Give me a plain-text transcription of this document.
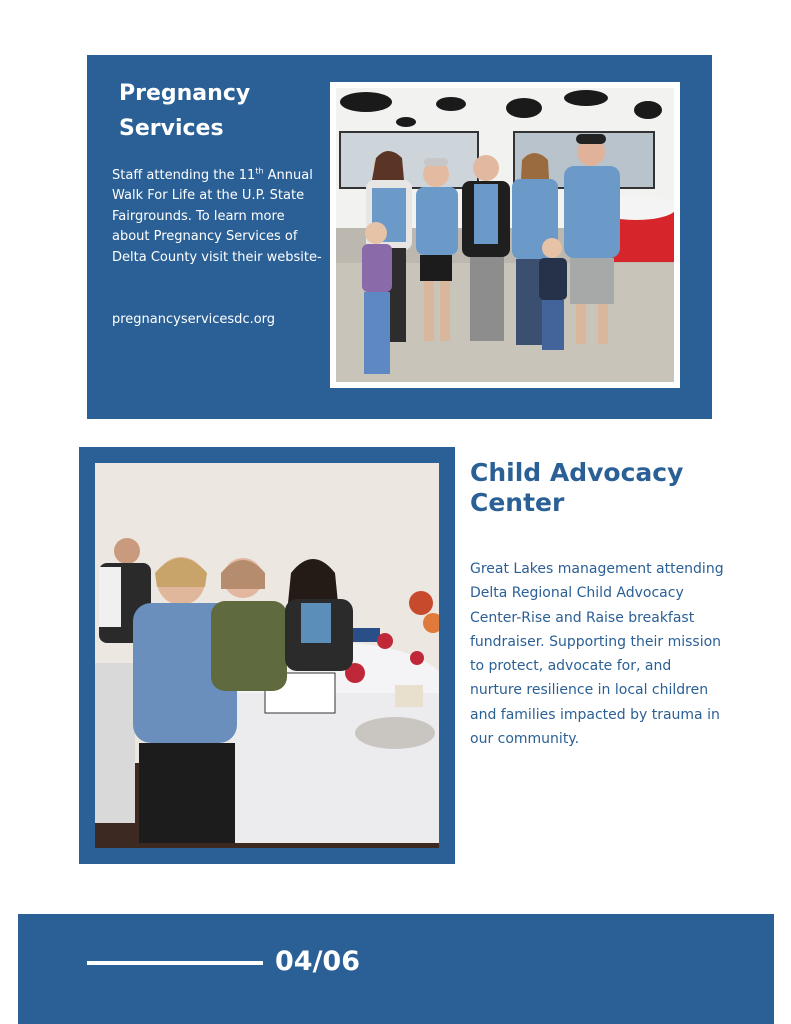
Pregnancy Services
Staff attending the 11th Annual Walk For Life at the U.P. State Fairgrounds. To learn more about Pregnancy Services of Delta County visit their website-
pregnancyservicesdc.org
Child Advocacy Center
Great Lakes management attending Delta Regional Child Advocacy Center-Rise and Raise breakfast fundraiser. Supporting their mission to protect, advocate for, and nurture resilience in local children and families impacted by trauma in our community.
04/06
